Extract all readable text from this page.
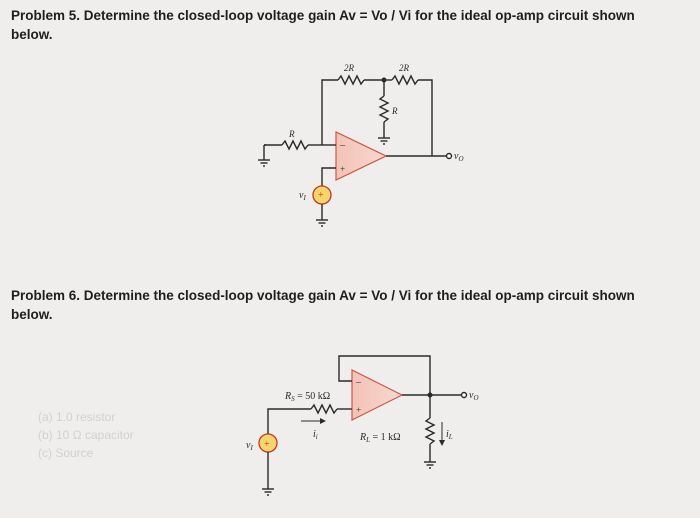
Problem 5. Determine the closed-loop voltage gain Av = Vo / Vi for the ideal op-amp circuit shown
below.
Problem 6. Determine the closed-loop voltage gain Av = Vo / Vi for the ideal op-amp circuit shown
below.
(a) 1.0 resistor
(b) 10 Ω capacitor
(c) Source
–
+
2R	2R
R
R
$v_I$ +
$v_O$
–
+
$R_S = 50$ kΩ
$i_i$	$R_L = 1$ kΩ	$i_L$
$v_I$ +
$v_O$
